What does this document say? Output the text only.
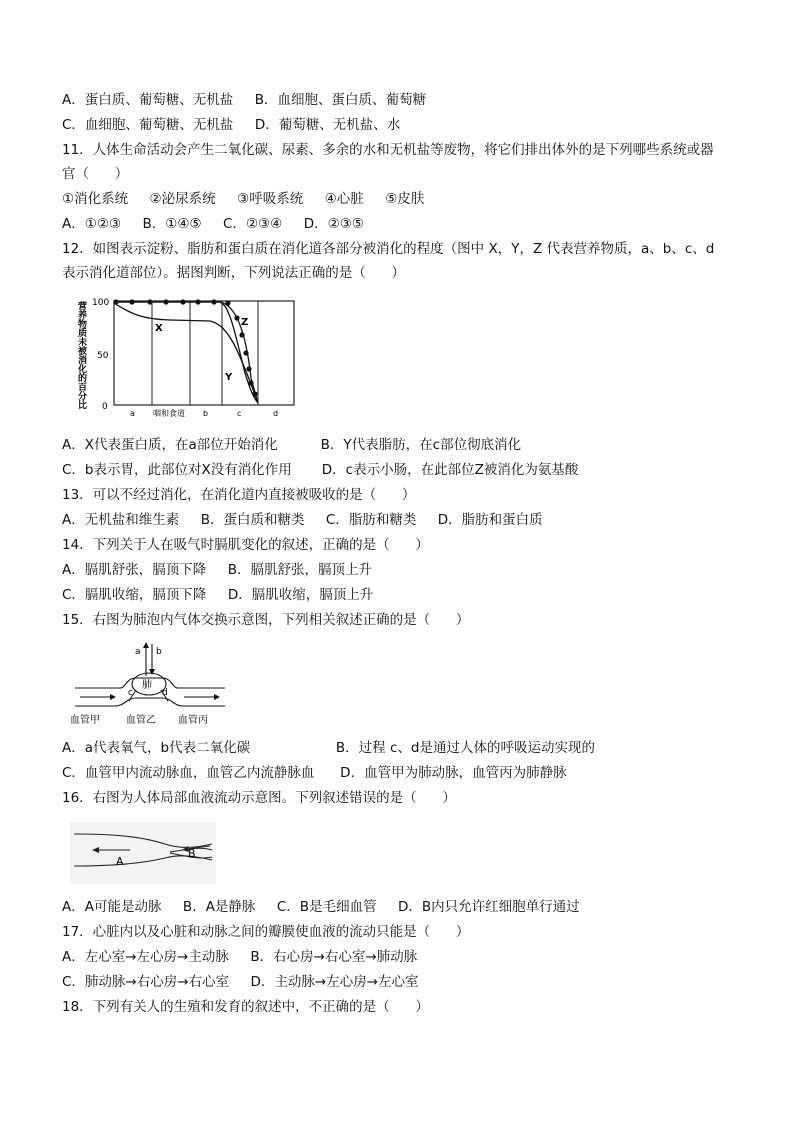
A．蛋白质、葡萄糖、无机盐     B．血细胞、蛋白质、葡萄糖
C．血细胞、葡萄糖、无机盐     D．葡萄糖、无机盐、水
11．人体生命活动会产生二氧化碳、尿素、多余的水和无机盐等废物，将它们排出体外的是下列哪些系统或器
官（      ）
①消化系统     ②泌尿系统     ③呼吸系统     ④心脏     ⑤皮肤
A．①②③     B．①④⑤     C．②③④     D．②③⑤
12．如图表示淀粉、脂肪和蛋白质在消化道各部分被消化的程度（图中 X，Y，Z 代表营养物质，a、b、c、d
表示消化道部位）。据图判断，下列说法正确的是（      ）
营
养
物
质
未
被
消
化
的
百
分
比
100
50
0
a 咽和食道 b	c	d
X
Y
Z
A．X代表蛋白质，在a部位开始消化          B．Y代表脂肪，在c部位彻底消化
C．b表示胃，此部位对X没有消化作用       D．c表示小肠，在此部位Z被消化为氨基酸
13．可以不经过消化，在消化道内直接被吸收的是（      ）
A．无机盐和维生素     B．蛋白质和糖类     C．脂肪和糖类     D．脂肪和蛋白质
14．下列关于人在吸气时膈肌变化的叙述，正确的是（      ）
A．膈肌舒张，膈顶下降     B．膈肌舒张，膈顶上升
C．膈肌收缩，膈顶下降     D．膈肌收缩，膈顶上升
15．右图为肺泡内气体交换示意图，下列相关叙述正确的是（      ）
a b
肺
c	d
血管甲	血管乙 血管丙
A．a代表氧气，b代表二氧化碳                    B．过程 c、d是通过人体的呼吸运动实现的
C．血管甲内流动脉血，血管乙内流静脉血      D．血管甲为肺动脉，血管丙为肺静脉
16．右图为人体局部血液流动示意图。下列叙述错误的是（      ）
A
B
A．A可能是动脉     B．A是静脉     C．B是毛细血管     D．B内只允许红细胞单行通过
17．心脏内以及心脏和动脉之间的瓣膜使血液的流动只能是（      ）
A．左心室→左心房→主动脉     B．右心房→右心室→肺动脉
C．肺动脉→右心房→右心室     D．主动脉→左心房→左心室
18．下列有关人的生殖和发育的叙述中，不正确的是（      ）
